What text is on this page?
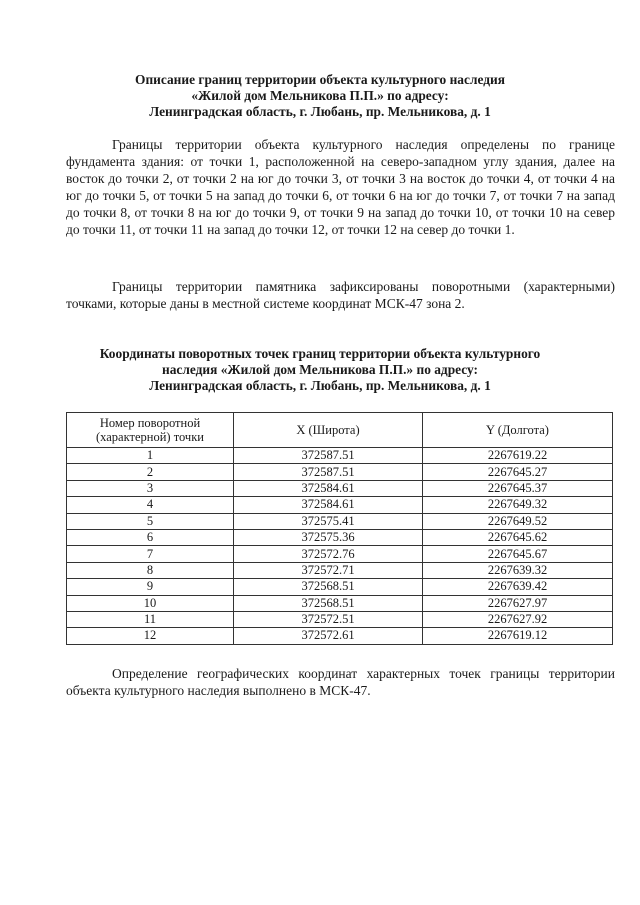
Описание границ территории объекта культурного наследия
«Жилой дом Мельникова П.П.» по адресу:
Ленинградская область, г. Любань, пр. Мельникова, д. 1

Границы территории объекта культурного наследия определены по границе фундамента здания: от точки 1, расположенной на северо-западном углу здания, далее на восток до точки 2, от точки 2 на юг до точки 3, от точки 3 на восток до точки 4, от точки 4 на юг до точки 5, от точки 5 на запад до точки 6, от точки 6 на юг до точки 7, от точки 7 на запад до точки 8, от точки 8 на юг до точки 9, от точки 9 на запад до точки 10, от точки 10 на север до точки 11, от точки 11 на запад до точки 12, от точки 12 на север до точки 1.

Границы территории памятника зафиксированы поворотными (характерными) точками, которые даны в местной системе координат МСК-47 зона 2.

Координаты поворотных точек границ территории объекта культурного
наследия «Жилой дом Мельникова П.П.» по адресу:
Ленинградская область, г. Любань, пр. Мельникова, д. 1
Номер поворотной
(характерной) точки	X (Широта)	Y (Долгота)
1	372587.51	2267619.22
2	372587.51	2267645.27
3	372584.61	2267645.37
4	372584.61	2267649.32
5	372575.41	2267649.52
6	372575.36	2267645.62
7	372572.76	2267645.67
8	372572.71	2267639.32
9	372568.51	2267639.42
10	372568.51	2267627.97
11	372572.51	2267627.92
12	372572.61	2267619.12

Определение географических координат характерных точек границы территории объекта культурного наследия выполнено в МСК-47.
